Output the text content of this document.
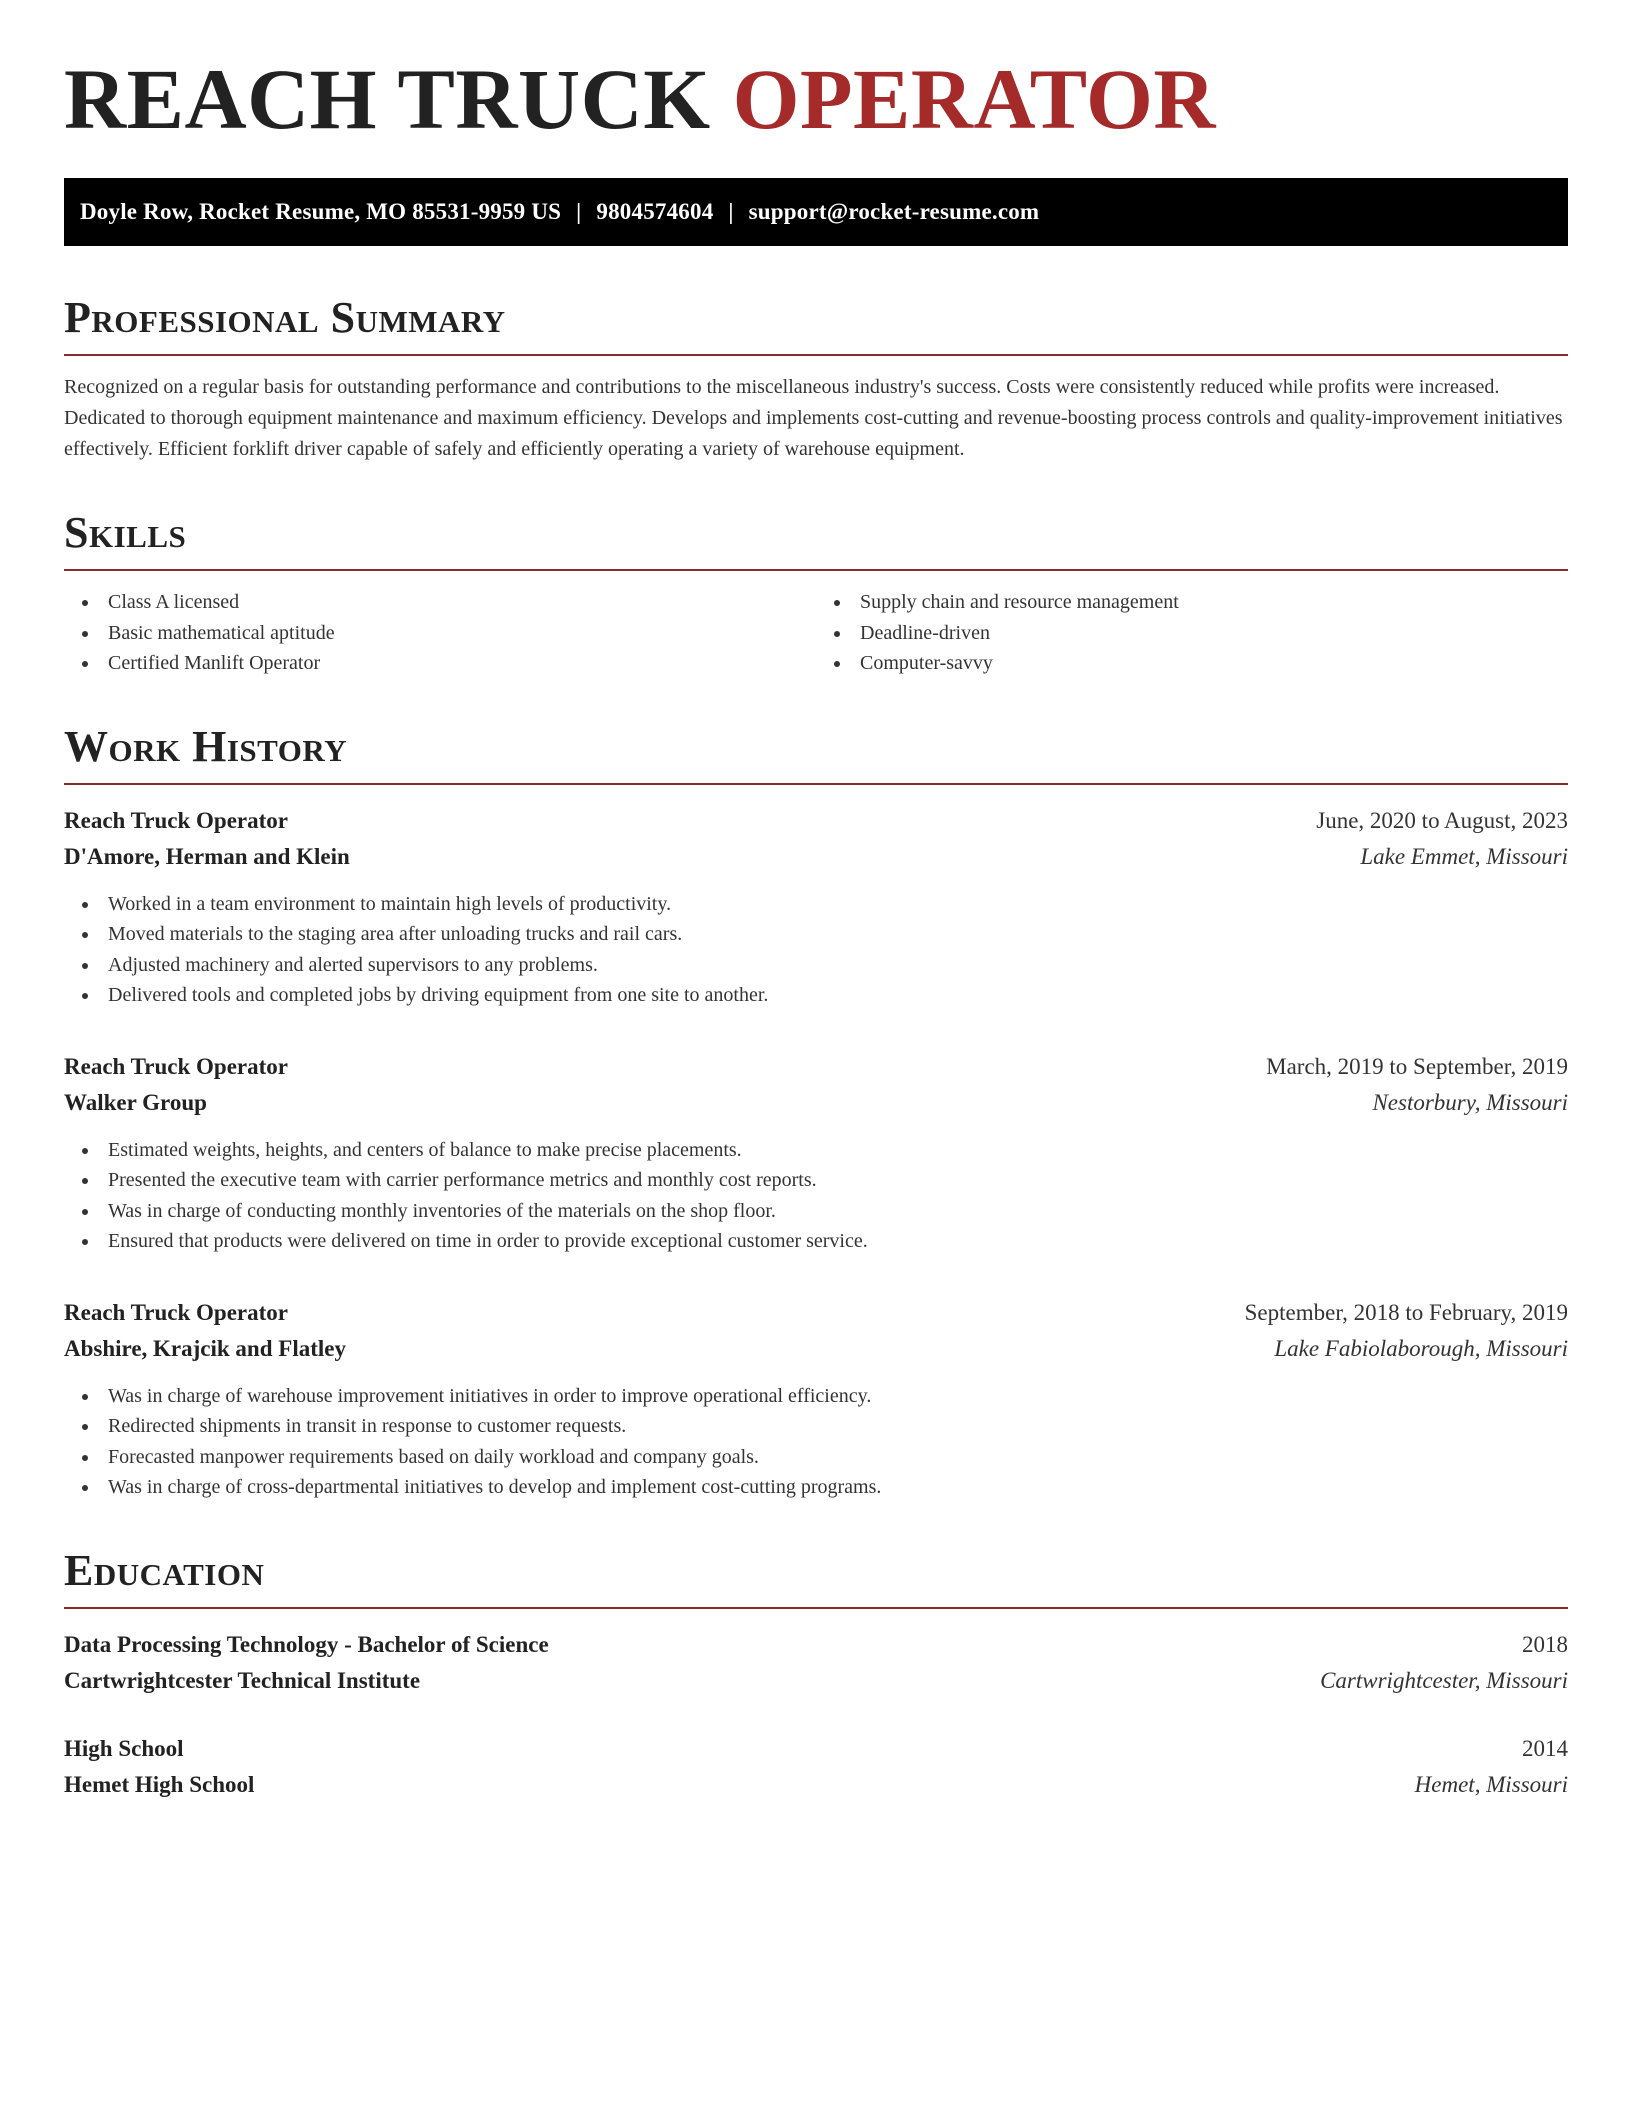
REACH TRUCK OPERATOR
Doyle Row, Rocket Resume, MO 85531-9959 US | 9804574604 | support@rocket-resume.com
Professional Summary

Recognized on a regular basis for outstanding performance and contributions to the miscellaneous industry's success. Costs were consistently reduced while profits were increased. Dedicated to thorough equipment maintenance and maximum efficiency. Develops and implements cost-cutting and revenue-boosting process controls and quality-improvement initiatives effectively. Efficient forklift driver capable of safely and efficiently operating a variety of warehouse equipment.

Skills
Class A licensed
Basic mathematical aptitude
Certified Manlift Operator
Supply chain and resource management
Deadline-driven
Computer-savvy
Work History
Reach Truck Operator	June, 2020 to August, 2023
D'Amore, Herman and Klein	Lake Emmet, Missouri
Worked in a team environment to maintain high levels of productivity.
Moved materials to the staging area after unloading trucks and rail cars.
Adjusted machinery and alerted supervisors to any problems.
Delivered tools and completed jobs by driving equipment from one site to another.
Reach Truck Operator	March, 2019 to September, 2019
Walker Group	Nestorbury, Missouri
Estimated weights, heights, and centers of balance to make precise placements.
Presented the executive team with carrier performance metrics and monthly cost reports.
Was in charge of conducting monthly inventories of the materials on the shop floor.
Ensured that products were delivered on time in order to provide exceptional customer service.
Reach Truck Operator	September, 2018 to February, 2019
Abshire, Krajcik and Flatley	Lake Fabiolaborough, Missouri
Was in charge of warehouse improvement initiatives in order to improve operational efficiency.
Redirected shipments in transit in response to customer requests.
Forecasted manpower requirements based on daily workload and company goals.
Was in charge of cross-departmental initiatives to develop and implement cost-cutting programs.
Education
Data Processing Technology - Bachelor of Science	2018
Cartwrightcester Technical Institute	Cartwrightcester, Missouri
High School	2014
Hemet High School	Hemet, Missouri
